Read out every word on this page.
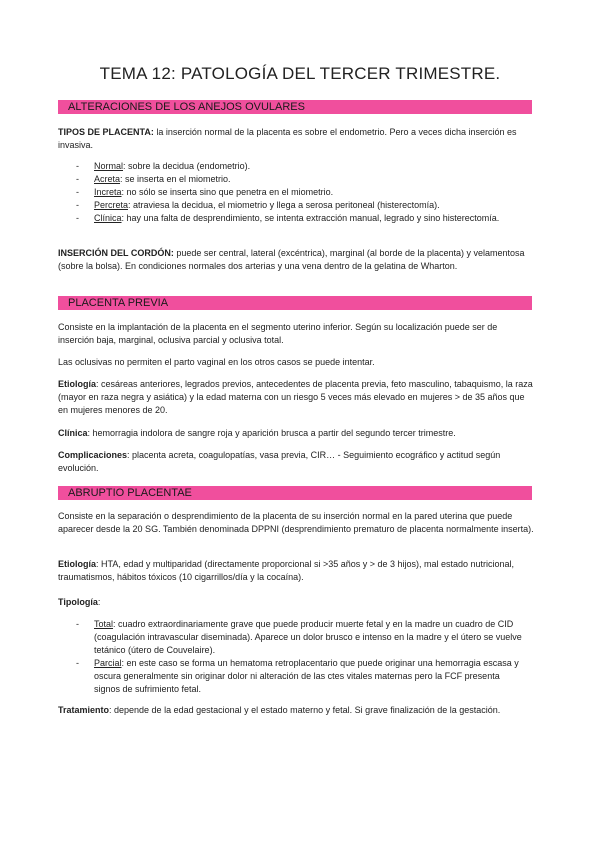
TEMA 12: PATOLOGÍA DEL TERCER TRIMESTRE.
ALTERACIONES DE LOS ANEJOS OVULARES
TIPOS DE PLACENTA: la inserción normal de la placenta es sobre el endometrio. Pero a veces dicha inserción es invasiva.
- Normal: sobre la decidua (endometrio).
- Acreta: se inserta en el miometrio.
- Increta: no sólo se inserta sino que penetra en el miometrio.
- Percreta: atraviesa la decidua, el miometrio y llega a serosa peritoneal (histerectomía).
- Clínica: hay una falta de desprendimiento, se intenta extracción manual, legrado y sino histerectomía.
INSERCIÓN DEL CORDÓN: puede ser central, lateral (excéntrica), marginal (al borde de la placenta) y velamentosa (sobre la bolsa). En condiciones normales dos arterias y una vena dentro de la gelatina de Wharton.
PLACENTA PREVIA
Consiste en la implantación de la placenta en el segmento uterino inferior. Según su localización puede ser de inserción baja, marginal, oclusiva parcial y oclusiva total.
Las oclusivas no permiten el parto vaginal en los otros casos se puede intentar.
Etiología: cesáreas anteriores, legrados previos, antecedentes de placenta previa, feto masculino, tabaquismo, la raza (mayor en raza negra y asiática) y la edad materna con un riesgo 5 veces más elevado en mujeres > de 35 años que en mujeres menores de 20.
Clínica: hemorragia indolora de sangre roja y aparición brusca a partir del segundo tercer trimestre.
Complicaciones: placenta acreta, coagulopatías, vasa previa, CIR… - Seguimiento ecográfico y actitud según evolución.
ABRUPTIO PLACENTAE
Consiste en la separación o desprendimiento de la placenta de su inserción normal en la pared uterina que puede aparecer desde la 20 SG. También denominada DPPNI (desprendimiento prematuro de placenta normalmente inserta).
Etiología: HTA, edad y multiparidad (directamente proporcional si >35 años y > de 3 hijos), mal estado nutricional, traumatismos, hábitos tóxicos (10 cigarrillos/día y la cocaína).
Tipología:
- Total: cuadro extraordinariamente grave que puede producir muerte fetal y en la madre un cuadro de CID (coagulación intravascular diseminada). Aparece un dolor brusco e intenso en la madre y el útero se vuelve tetánico (útero de Couvelaire).
- Parcial: en este caso se forma un hematoma retroplacentario que puede originar una hemorragia escasa y oscura generalmente sin originar dolor ni alteración de las ctes vitales maternas pero la FCF presenta signos de sufrimiento fetal.
Tratamiento: depende de la edad gestacional y el estado materno y fetal. Si grave finalización de la gestación.
